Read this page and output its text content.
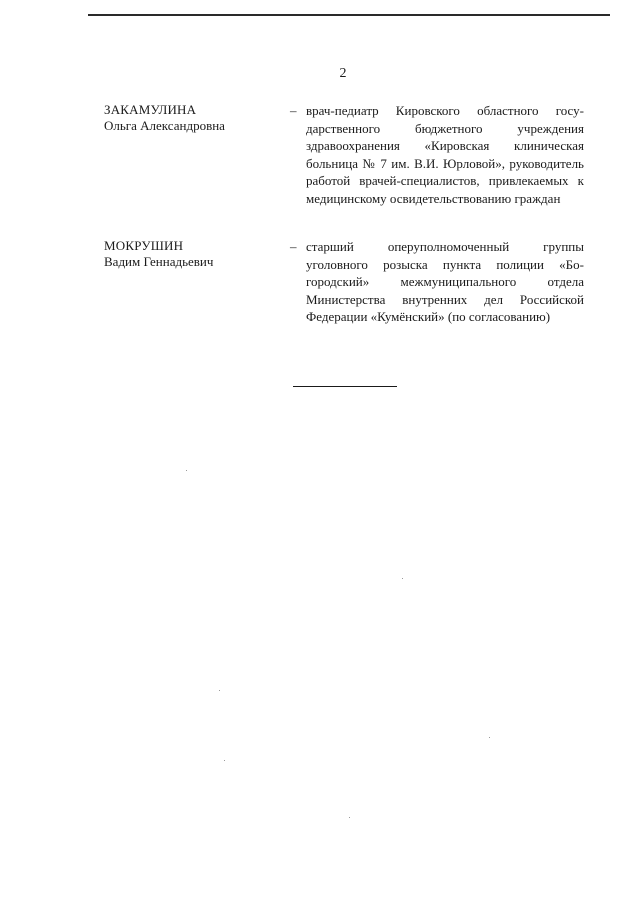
2
ЗАКАМУЛИНА
Ольга Александровна
– врач-педиатр Кировского областного государственного бюджетного учреждения здравоохранения «Кировская клиническая больница № 7 им. В.И. Юрловой», руководитель работой врачей-специалистов, привлекаемых к медицинскому освидетельствованию граждан
МОКРУШИН
Вадим Геннадьевич
– старший оперуполномоченный группы уголовного розыска пункта полиции «Богородский» межмуниципального отдела Министерства внутренних дел Российской Федерации «Кумёнский» (по согласованию)
